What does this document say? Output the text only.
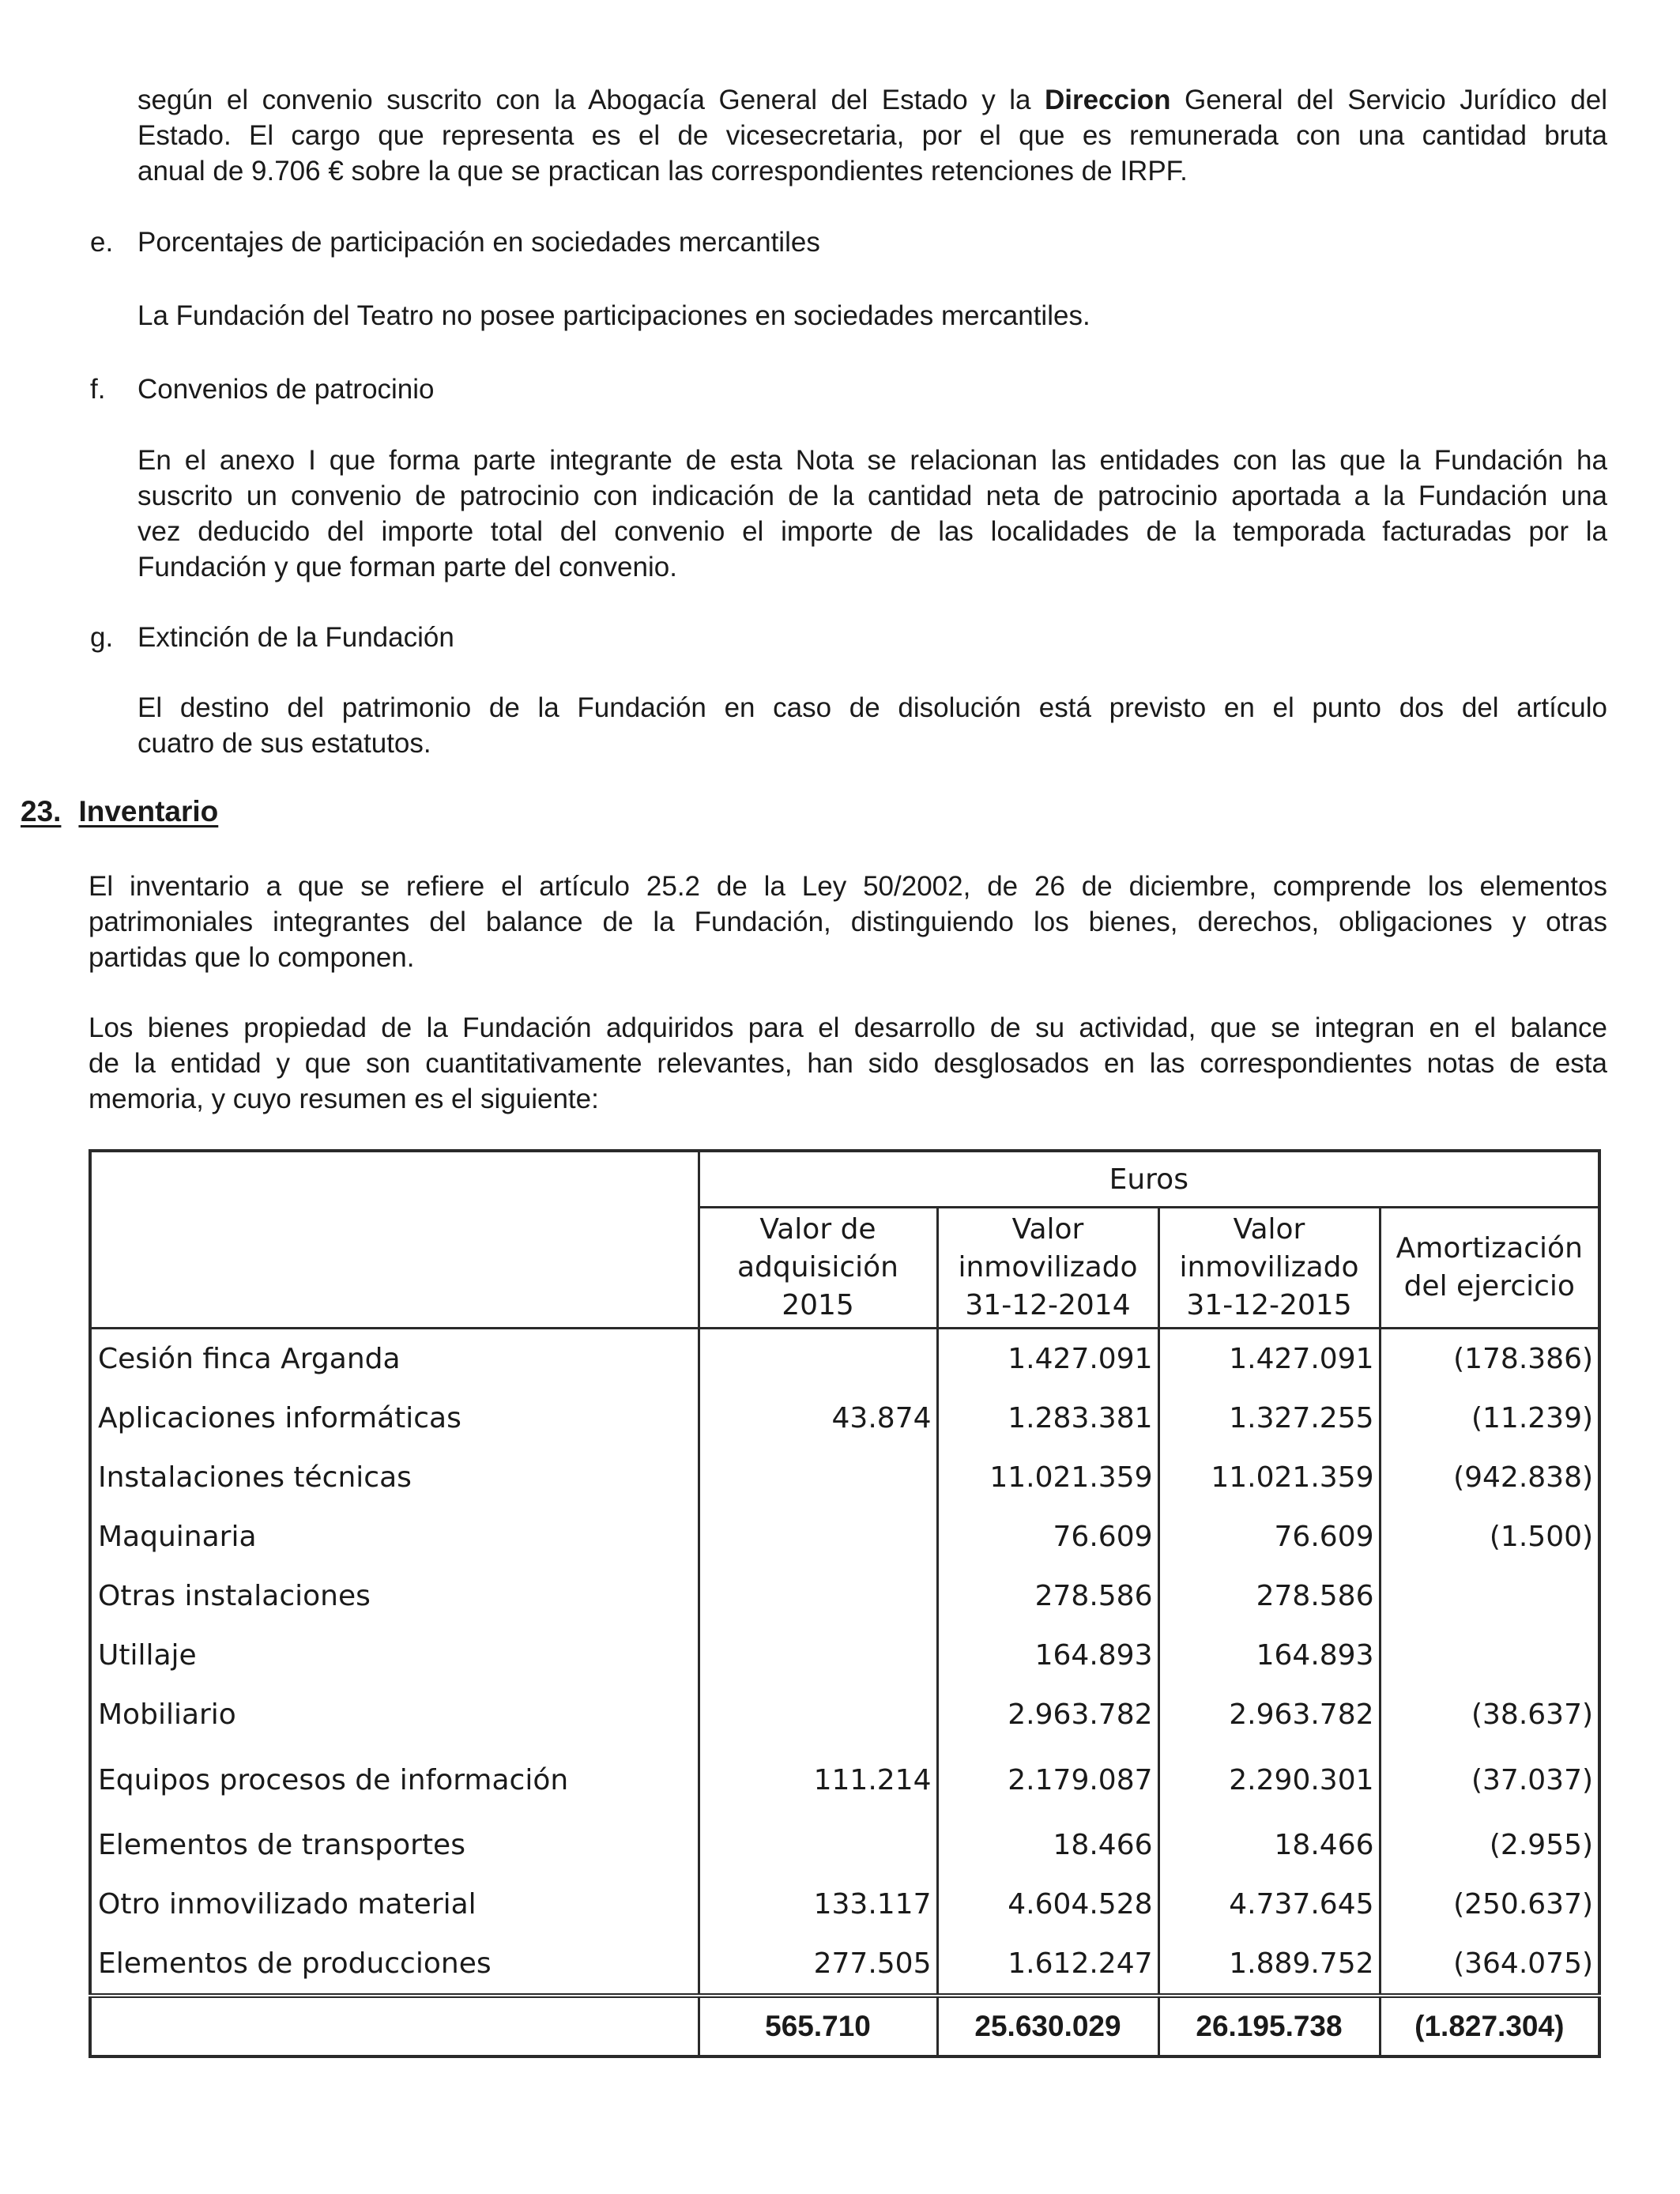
según el convenio suscrito con la Abogacía General del Estado y la Direccion General del Servicio Jurídico del

Estado. El cargo que representa es el de vicesecretaria, por el que es remunerada con una cantidad bruta

anual de 9.706 € sobre la que se practican las correspondientes retenciones de IRPF.

e. Porcentajes de participación en sociedades mercantiles

La Fundación del Teatro no posee participaciones en sociedades mercantiles.

f. Convenios de patrocinio

En el anexo I que forma parte integrante de esta Nota se relacionan las entidades con las que la Fundación ha

suscrito un convenio de patrocinio con indicación de la cantidad neta de patrocinio aportada a la Fundación una

vez deducido del importe total del convenio el importe de las localidades de la temporada facturadas por la

Fundación y que forman parte del convenio.

g. Extinción de la Fundación

El destino del patrimonio de la Fundación en caso de disolución está previsto en el punto dos del artículo

cuatro de sus estatutos.

23. Inventario

El inventario a que se refiere el artículo 25.2 de la Ley 50/2002, de 26 de diciembre, comprende los elementos

patrimoniales integrantes del balance de la Fundación, distinguiendo los bienes, derechos, obligaciones y otras

partidas que lo componen.

Los bienes propiedad de la Fundación adquiridos para el desarrollo de su actividad, que se integran en el balance

de la entidad y que son cuantitativamente relevantes, han sido desglosados en las correspondientes notas de esta

memoria, y cuyo resumen es el siguiente:

	Euros			
	Valor de adquisición 2015	Valor inmovilizado 31-12-2014	Valor inmovilizado 31-12-2015	Amortización del ejercicio
Cesión finca Arganda		1.427.091	1.427.091	(178.386)
Aplicaciones informáticas	43.874	1.283.381	1.327.255	(11.239)
Instalaciones técnicas		11.021.359	11.021.359	(942.838)
Maquinaria		76.609	76.609	(1.500)
Otras instalaciones		278.586	278.586	
Utillaje		164.893	164.893	
Mobiliario		2.963.782	2.963.782	(38.637)
Equipos procesos de información	111.214	2.179.087	2.290.301	(37.037)
Elementos de transportes		18.466	18.466	(2.955)
Otro inmovilizado material	133.117	4.604.528	4.737.645	(250.637)
Elementos de producciones	277.505	1.612.247	1.889.752	(364.075)
	565.710	25.630.029	26.195.738	(1.827.304)
